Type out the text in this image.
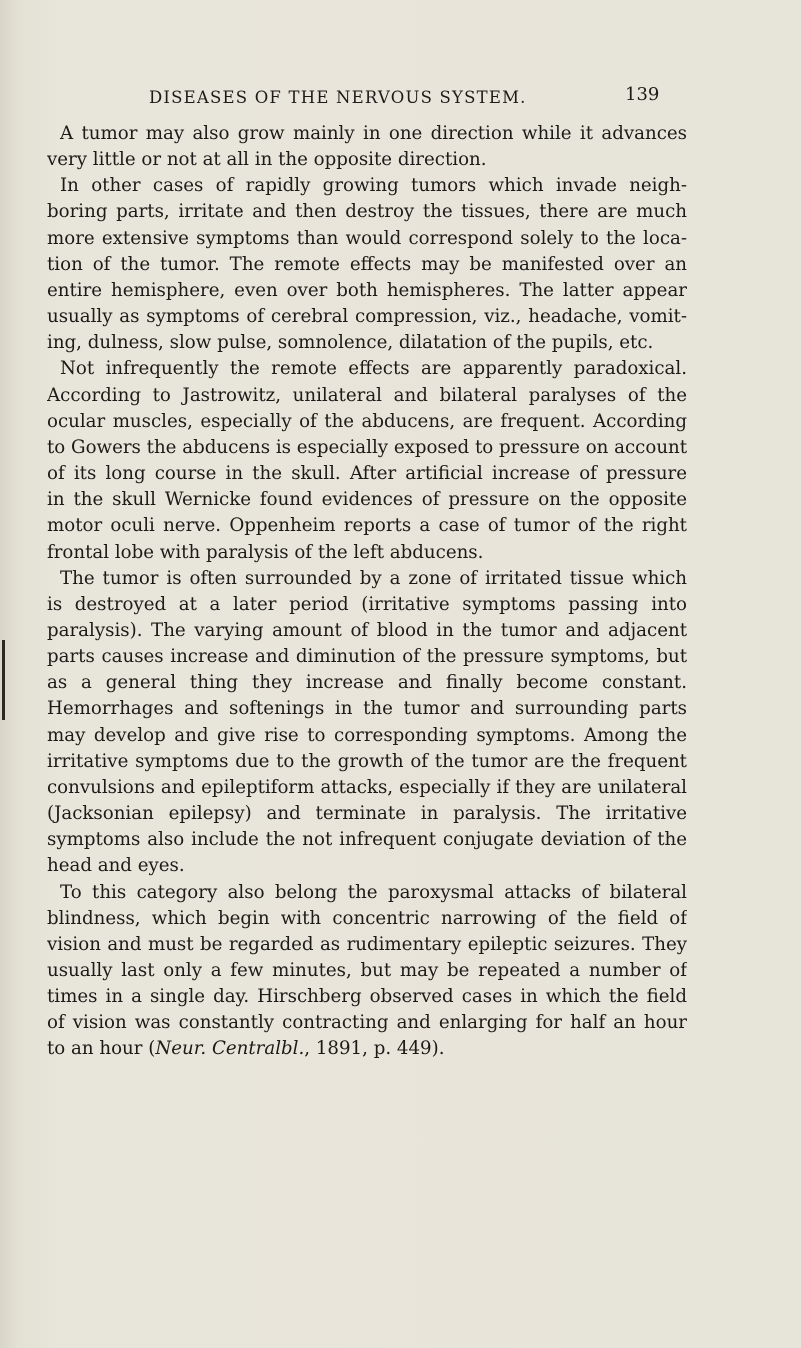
DISEASES OF THE NERVOUS SYSTEM.	139
A tumor may also grow mainly in one direction while it advances
very little or not at all in the opposite direction.
In other cases of rapidly growing tumors which invade neigh-
boring parts, irritate and then destroy the tissues, there are much
more extensive symptoms than would correspond solely to the loca-
tion of the tumor. The remote effects may be manifested over an
entire hemisphere, even over both hemispheres. The latter appear
usually as symptoms of cerebral compression, viz., headache, vomit-
ing, dulness, slow pulse, somnolence, dilatation of the pupils, etc.
Not infrequently the remote effects are apparently paradoxical.
According to Jastrowitz, unilateral and bilateral paralyses of the
ocular muscles, especially of the abducens, are frequent. According
to Gowers the abducens is especially exposed to pressure on account
of its long course in the skull. After artificial increase of pressure
in the skull Wernicke found evidences of pressure on the opposite
motor oculi nerve. Oppenheim reports a case of tumor of the right
frontal lobe with paralysis of the left abducens.
The tumor is often surrounded by a zone of irritated tissue which
is destroyed at a later period (irritative symptoms passing into
paralysis). The varying amount of blood in the tumor and adjacent
parts causes increase and diminution of the pressure symptoms, but
as a general thing they increase and finally become constant.
Hemorrhages and softenings in the tumor and surrounding parts
may develop and give rise to corresponding symptoms. Among the
irritative symptoms due to the growth of the tumor are the frequent
convulsions and epileptiform attacks, especially if they are unilateral
(Jacksonian epilepsy) and terminate in paralysis. The irritative
symptoms also include the not infrequent conjugate deviation of the
head and eyes.
To this category also belong the paroxysmal attacks of bilateral
blindness, which begin with concentric narrowing of the field of
vision and must be regarded as rudimentary epileptic seizures. They
usually last only a few minutes, but may be repeated a number of
times in a single day. Hirschberg observed cases in which the field
of vision was constantly contracting and enlarging for half an hour
to an hour (Neur. Centralbl., 1891, p. 449).
